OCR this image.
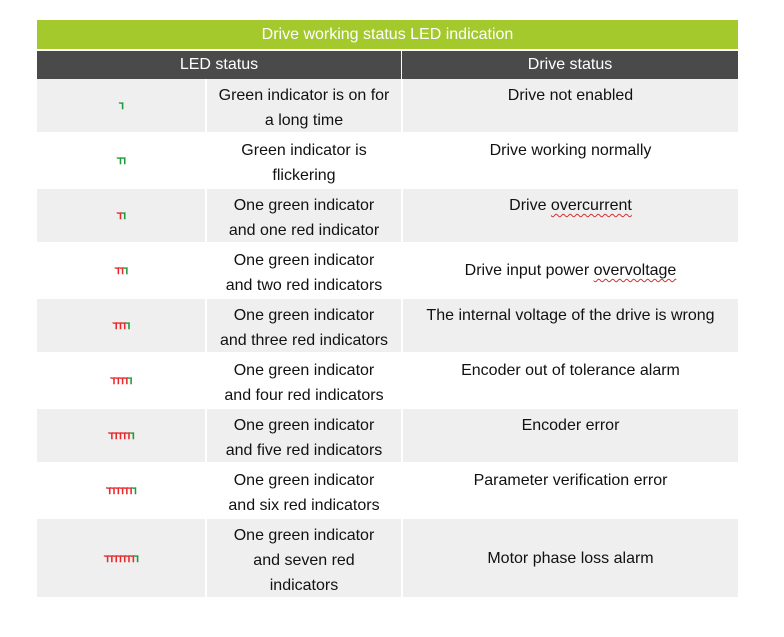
Drive working status LED indication
LED status	Drive status
ꭋ
Green indicator is on for
a long time
Drive not enabled
ꭋꭋ
Green indicator is
flickering
Drive working normally
ꭋꭋ
One green indicator
and one red indicator
Drive overcurrent
ꭋꭋꭋ
One green indicator
and two red indicators
Drive input power overvoltage
ꭋꭋꭋꭋ
One green indicator
and three red indicators
The internal voltage of the drive is wrong
ꭋꭋꭋꭋꭋ
One green indicator
and four red indicators
Encoder out of tolerance alarm
ꭋꭋꭋꭋꭋꭋ
One green indicator
and five red indicators
Encoder error
ꭋꭋꭋꭋꭋꭋꭋ
One green indicator
and six red indicators
Parameter verification error
ꭋꭋꭋꭋꭋꭋꭋꭋ
One green indicator
and seven red
indicators
Motor phase loss alarm
